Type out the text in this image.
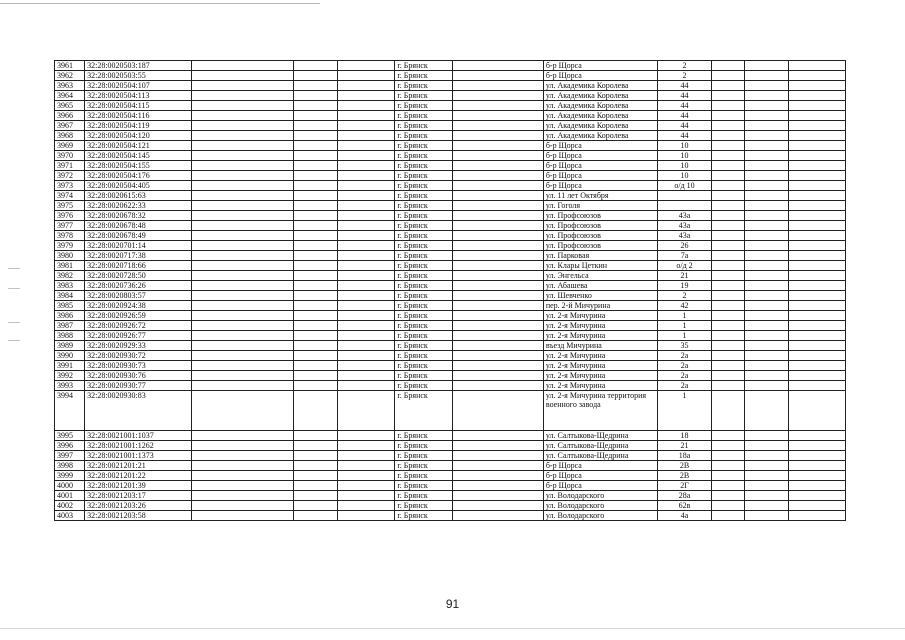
3961	32:28:0020503:187				г. Брянск		б-р Щорса	2			
3962	32:28:0020503:55				г. Брянск		б-р Щорса	2			
3963	32:28:0020504:107				г. Брянск		ул. Академика Королева	44			
3964	32:28:0020504:113				г. Брянск		ул. Академика Королева	44			
3965	32:28:0020504:115				г. Брянск		ул. Академика Королева	44			
3966	32:28:0020504:116				г. Брянск		ул. Академика Королева	44			
3967	32:28:0020504:119				г. Брянск		ул. Академика Королева	44			
3968	32:28:0020504:120				г. Брянск		ул. Академика Королева	44			
3969	32:28:0020504:121				г. Брянск		б-р Щорса	10			
3970	32:28:0020504:145				г. Брянск		б-р Щорса	10			
3971	32:28:0020504:155				г. Брянск		б-р Щорса	10			
3972	32:28:0020504:176				г. Брянск		б-р Щорса	10			
3973	32:28:0020504:405				г. Брянск		б-р Щорса	о/д 10			
3974	32:28:0020615:63				г. Брянск		ул. 11 лет Октября				
3975	32:28:0020622:33				г. Брянск		ул. Гоголя				
3976	32:28:0020678:32				г. Брянск		ул. Профсоюзов	43а			
3977	32:28:0020678:48				г. Брянск		ул. Профсоюзов	43а			
3978	32:28:0020678:49				г. Брянск		ул. Профсоюзов	43а			
3979	32:28:0020701:14				г. Брянск		ул. Профсоюзов	26			
3980	32:28:0020717:38				г. Брянск		ул. Парковая	7а			
3981	32:28:0020718:66				г. Брянск		ул. Клары Цеткин	о/д 2			
3982	32:28:0020728:50				г. Брянск		ул. Энгельса	21			
3983	32:28:0020736:26				г. Брянск		ул. Абашева	19			
3984	32:28:0020803:57				г. Брянск		ул. Шевченко	2			
3985	32:28:0020924:38				г. Брянск		пер. 2-й Мичурина	42			
3986	32:28:0020926:59				г. Брянск		ул. 2-я Мичурина	1			
3987	32:28:0020926:72				г. Брянск		ул. 2-я Мичурина	1			
3988	32:28:0020926:77				г. Брянск		ул. 2-я Мичурина	1			
3989	32:28:0020929:33				г. Брянск		въезд Мичурина	35			
3990	32:28:0020930:72				г. Брянск		ул. 2-я Мичурина	2а			
3991	32:28:0020930:73				г. Брянск		ул. 2-я Мичурина	2а			
3992	32:28:0020930:76				г. Брянск		ул. 2-я Мичурина	2а			
3993	32:28:0020930:77				г. Брянск		ул. 2-я Мичурина	2а			
3994	32:28:0020930:83				г. Брянск		ул. 2-я Мичурина территория военного завода	1			
3995	32:28:0021001:1037				г. Брянск		ул. Салтыкова-Щедрина	18			
3996	32:28:0021001:1262				г. Брянск		ул. Салтыкова-Щедрина	21			
3997	32:28:0021001:1373				г. Брянск		ул. Салтыкова-Щедрина	18а			
3998	32:28:0021201:21				г. Брянск		б-р Щорса	2В			
3999	32:28:0021201:22				г. Брянск		б-р Щорса	2В			
4000	32:28:0021201:39				г. Брянск		б-р Щорса	2Г			
4001	32:28:0021203:17				г. Брянск		ул. Володарского	28а			
4002	32:28:0021203:26				г. Брянск		ул. Володарского	62в			
4003	32:28:0021203:58				г. Брянск		ул. Володарского	4а			
91
